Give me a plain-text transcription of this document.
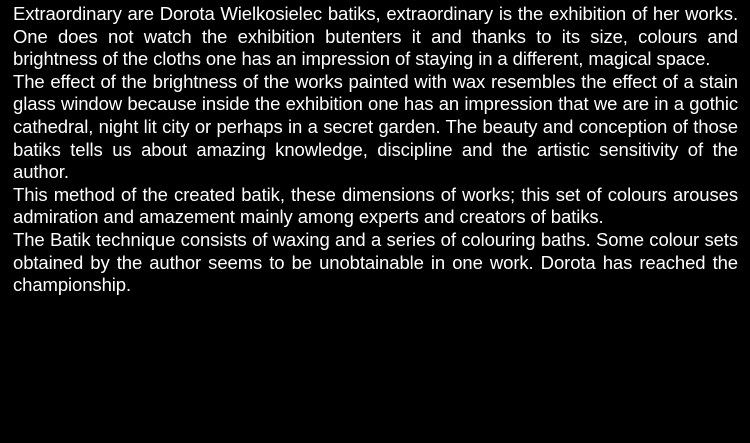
Extraordinary are Dorota Wielkosielec batiks, extraordinary is the exhibition of her works. One does not watch the exhibition butenters it and thanks to its size, colours and brightness of the cloths one has an impression of staying in a different, magical space.

The effect of the brightness of the works painted with wax resembles the effect of a stain glass window because inside the exhibition one has an impression that we are in a gothic cathedral, night lit city or perhaps in a secret garden. The beauty and conception of those batiks tells us about amazing knowledge, discipline and the artistic sensitivity of the author.

This method of the created batik, these dimensions of works; this set of colours arouses admiration and amazement mainly among experts and creators of batiks.

The Batik technique consists of waxing and a series of colouring baths. Some colour sets obtained by the author seems to be unobtainable in one work. Dorota has reached the championship.
